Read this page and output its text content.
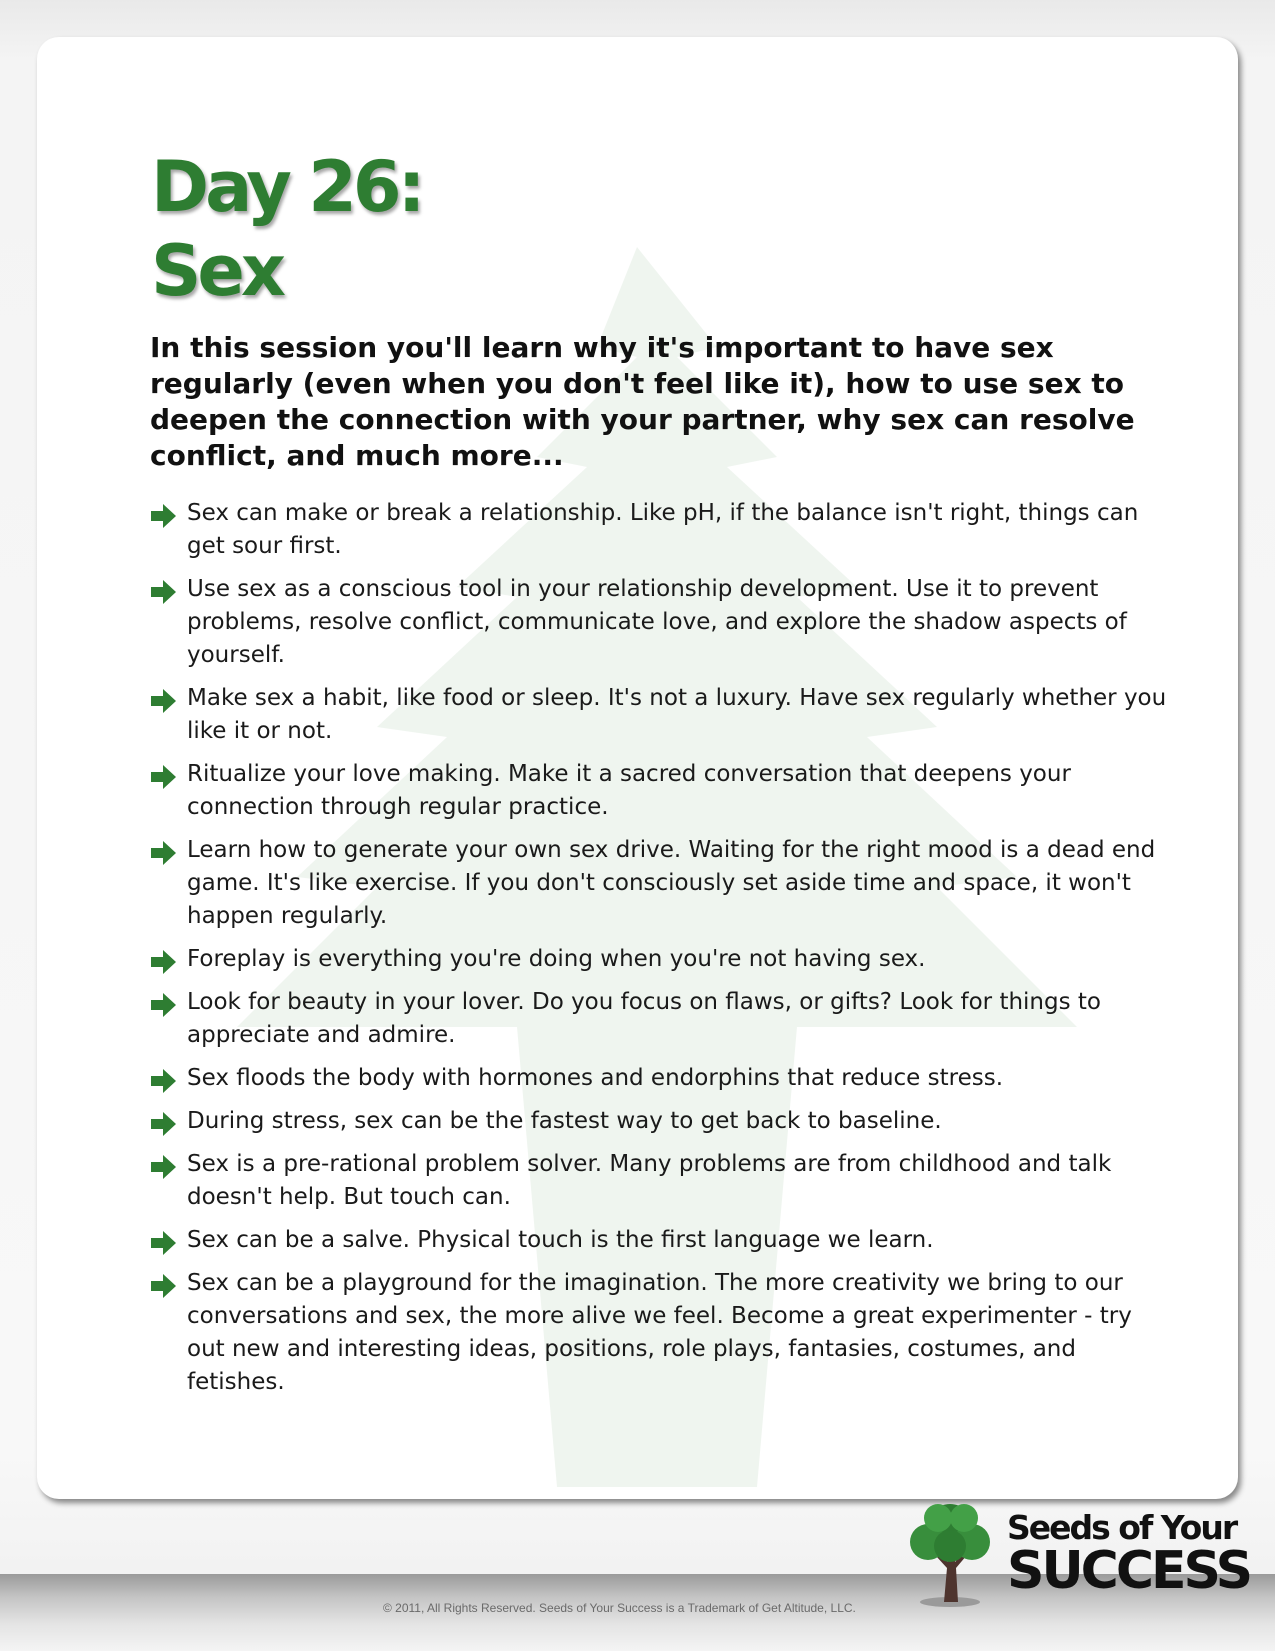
Day 26:
Sex

In this session you'll learn why it's important to have sex regularly (even when you don't feel like it), how to use sex to deepen the connection with your partner, why sex can resolve conflict, and much more...

Sex can make or break a relationship. Like pH, if the balance isn't right, things can get sour first.
Use sex as a conscious tool in your relationship development. Use it to prevent problems, resolve conflict, communicate love, and explore the shadow aspects of yourself.
Make sex a habit, like food or sleep. It's not a luxury. Have sex regularly whether you like it or not.
Ritualize your love making. Make it a sacred conversation that deepens your connection through regular practice.
Learn how to generate your own sex drive. Waiting for the right mood is a dead end game. It's like exercise. If you don't consciously set aside time and space, it won't happen regularly.
Foreplay is everything you're doing when you're not having sex.
Look for beauty in your lover. Do you focus on flaws, or gifts? Look for things to appreciate and admire.
Sex floods the body with hormones and endorphins that reduce stress.
During stress, sex can be the fastest way to get back to baseline.
Sex is a pre-rational problem solver. Many problems are from childhood and talk doesn't help. But touch can.
Sex can be a salve. Physical touch is the first language we learn.
Sex can be a playground for the imagination. The more creativity we bring to our conversations and sex, the more alive we feel. Become a great experimenter - try out new and interesting ideas, positions, role plays, fantasies, costumes, and fetishes.
© 2011, All Rights Reserved. Seeds of Your Success is a Trademark of Get Altitude, LLC.
Seeds of Your
SUCCESS
